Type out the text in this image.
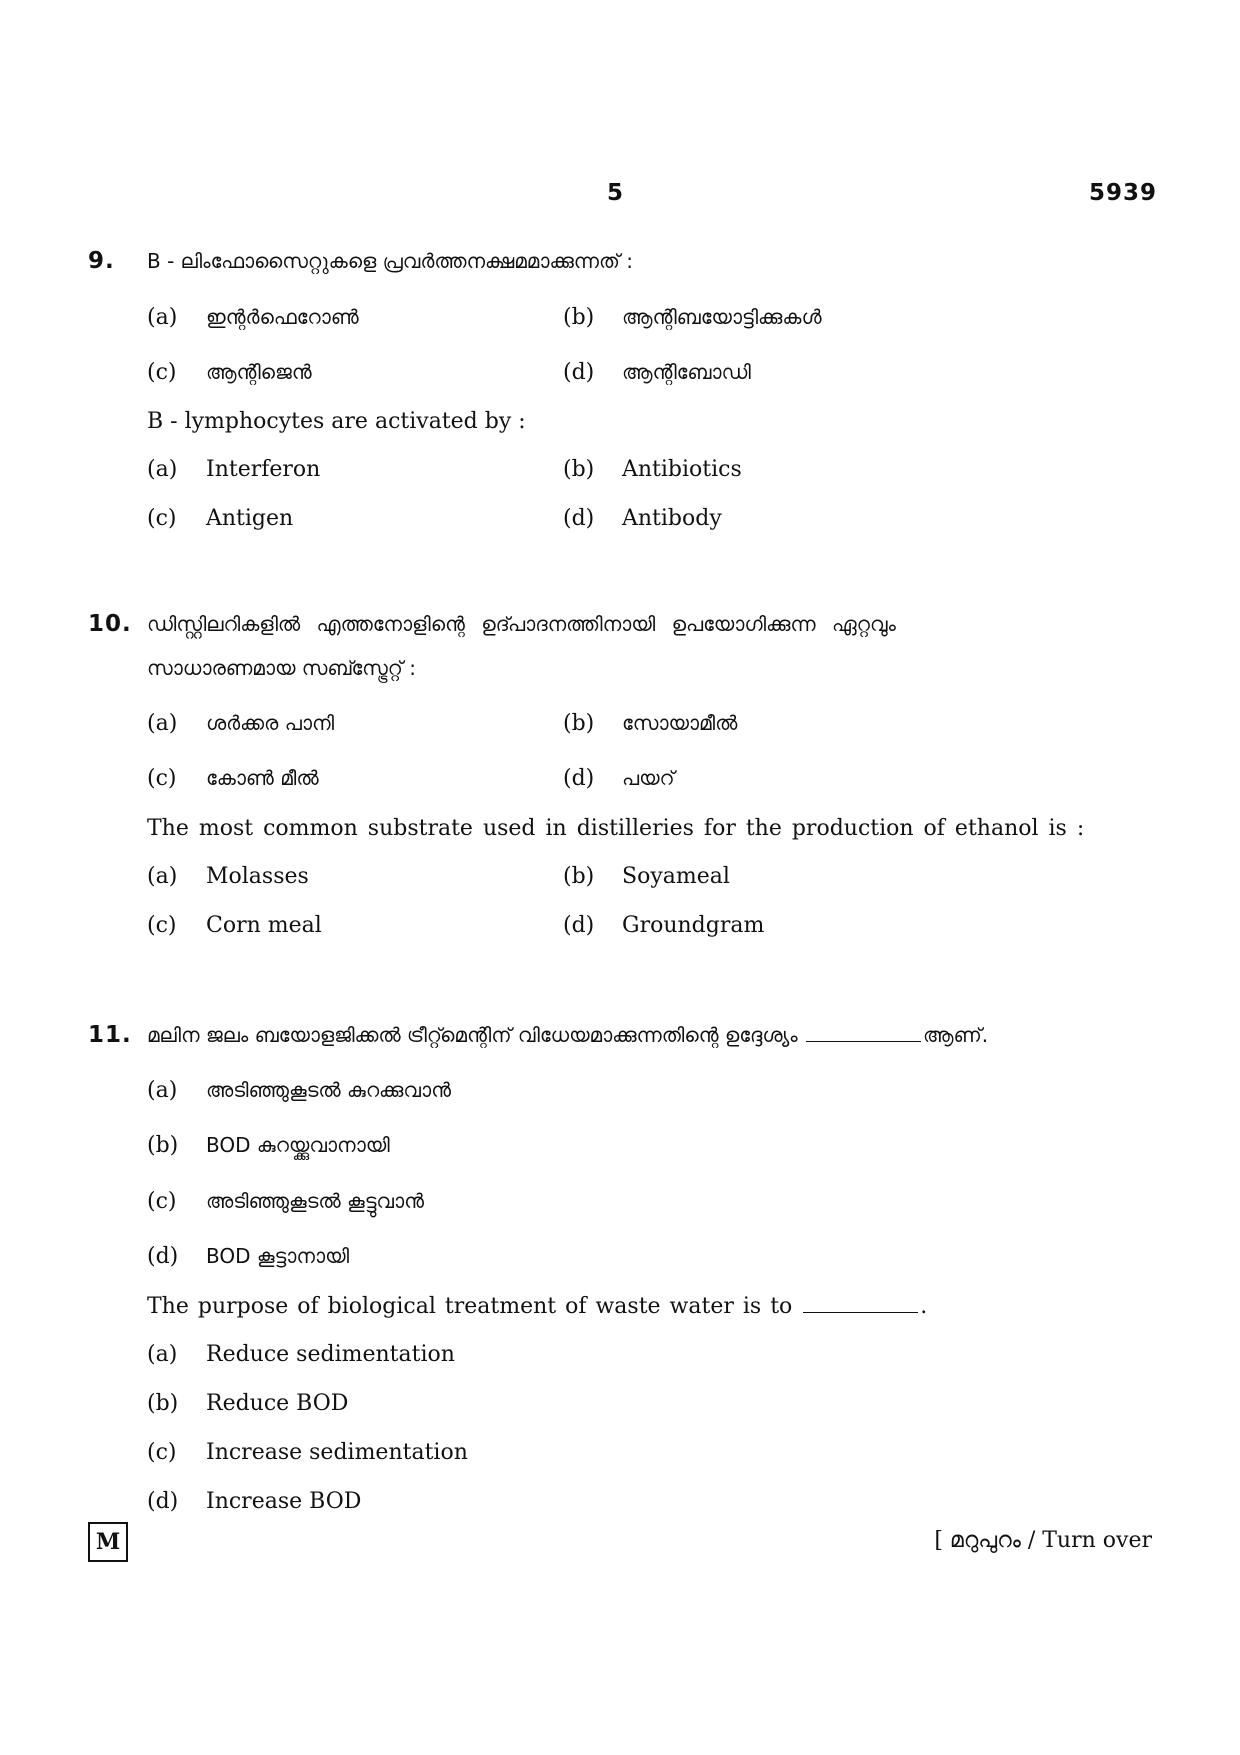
5	5939
9. B - ലിംഫോസൈറ്റുകളെ പ്രവർത്തനക്ഷമമാക്കുന്നത് :
(a)	ഇന്റർഫെറോൺ	(b)	ആന്റിബയോട്ടിക്കുകൾ
(c)	ആന്റിജെൻ	(d)	ആന്റിബോഡി
B - lymphocytes are activated by :
(a)	Interferon	(b)	Antibiotics
(c)	Antigen	(d)	Antibody
10. ഡിസ്റ്റിലറികളിൽ എത്തനോളിന്റെ ഉദ്പാദനത്തിനായി ഉപയോഗിക്കുന്ന ഏറ്റവും
സാധാരണമായ സബ്സ്ട്രേറ്റ് :
(a)	ശർക്കര പാനി	(b)	സോയാമീൽ
(c)	കോൺ മീൽ	(d)	പയറ്
The most common substrate used in distilleries for the production of ethanol is :
(a)	Molasses	(b)	Soyameal
(c)	Corn meal	(d)	Groundgram
11. മലിന ജലം ബയോളജിക്കൽ ട്രീറ്റ്മെന്റിന് വിധേയമാക്കുന്നതിന്റെ ഉദ്ദേശ്യം	ആണ്.
(a)	അടിഞ്ഞുകൂടൽ കുറക്കുവാൻ
(b)	BOD കുറയ്ക്കുവാനായി
(c)	അടിഞ്ഞുകൂടൽ കൂട്ടുവാൻ
(d)	BOD കൂട്ടാനായി
The purpose of biological treatment of waste water is to	.
(a)	Reduce sedimentation
(b)	Reduce BOD
(c)	Increase sedimentation
(d)	Increase BOD
M	[ മറുപുറം / Turn over
